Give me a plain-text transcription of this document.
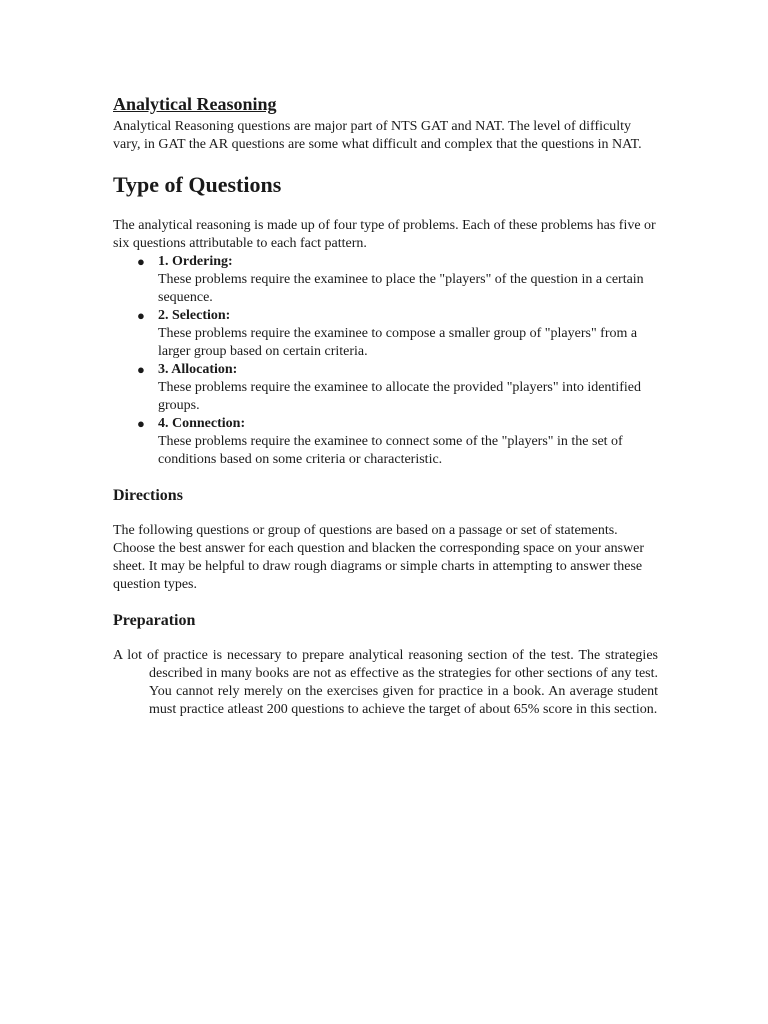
Analytical Reasoning

Analytical Reasoning questions are major part of NTS GAT and NAT. The level of difficulty vary, in GAT the AR questions are some what difficult and complex that the questions in NAT.

Type of Questions

The analytical reasoning is made up of four type of problems. Each of these problems has five or six questions attributable to each fact pattern.

● 1. Ordering:
These problems require the examinee to place the "players" of the question in a certain sequence.
● 2. Selection:
These problems require the examinee to compose a smaller group of "players" from a larger group based on certain criteria.
● 3. Allocation:
These problems require the examinee to allocate the provided "players" into identified groups.
● 4. Connection:
These problems require the examinee to connect some of the "players" in the set of conditions based on some criteria or characteristic.
Directions

The following questions or group of questions are based on a passage or set of statements. Choose the best answer for each question and blacken the corresponding space on your answer sheet. It may be helpful to draw rough diagrams or simple charts in attempting to answer these question types.

Preparation

A lot of practice is necessary to prepare analytical reasoning section of the test. The strategies described in many books are not as effective as the strategies for other sections of any test. You cannot rely merely on the exercises given for practice in a book. An average student must practice atleast 200 questions to achieve the target of about 65% score in this section.
